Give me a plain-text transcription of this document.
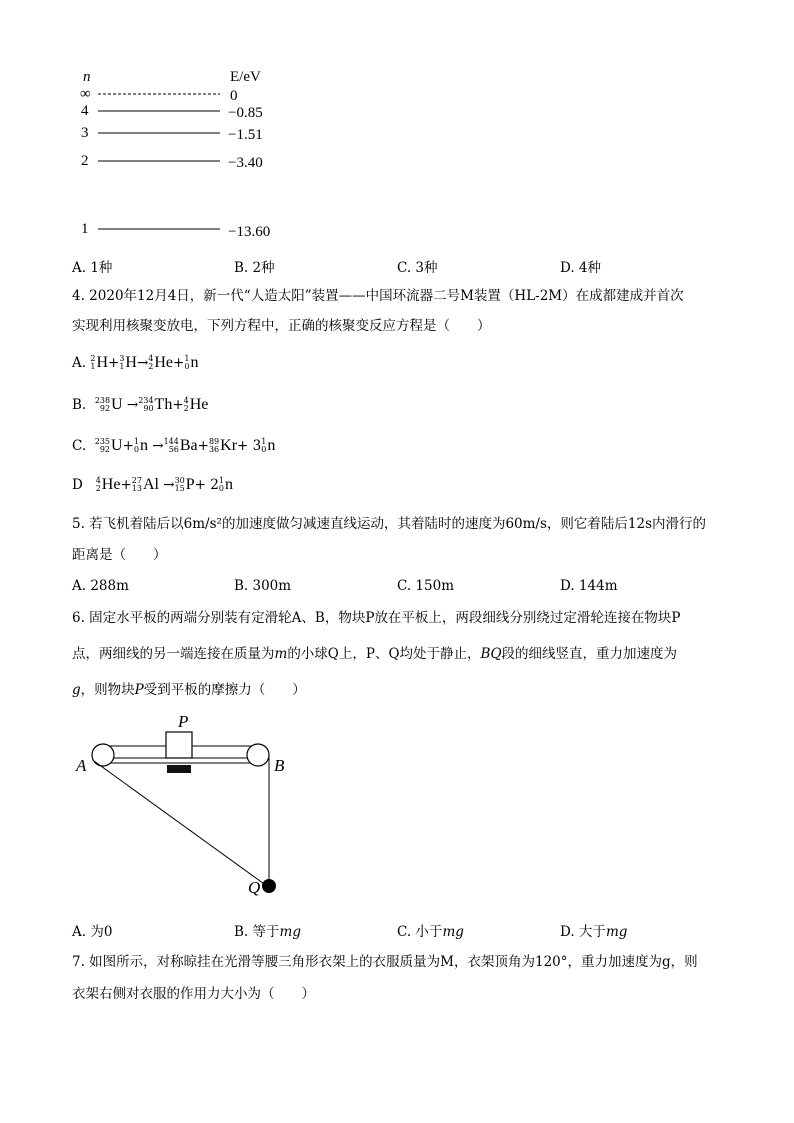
n	E/eV
∞	0
4	−0.85
3	−1.51
2	−3.40
1	−13.60
A. 1种	B. 2种	C. 3种	D. 4种
4. 2020年12月4日，新一代“人造太阳”装置——中国环流器二号M装置（HL-2M）在成都建成并首次
实现利用核聚变放电，下列方程中，正确的核聚变反应方程是（　　）
A.
2
1 H + 3
1 H → 4
2 He + 1
0 n
B.
238
92 U → 234
90 Th + 4
2 He
C.
235
92 U + 1
0 n → 144
56 Ba + 89
36 Kr + 3 1
0 n
D
4
2 He + 27
13 Al → 30
15 P + 2 1
0 n
5. 若飞机着陆后以6m/s²的加速度做匀减速直线运动，其着陆时的速度为60m/s，则它着陆后12s内滑行的
距离是（　　）
A. 288m	B. 300m	C. 150m	D. 144m
6. 固定水平板的两端分别装有定滑轮A、B，物块P放在平板上，两段细线分别绕过定滑轮连接在物块P
点，两细线的另一端连接在质量为m的小球Q上，P、Q均处于静止，BQ段的细线竖直，重力加速度为
g，则物块P受到平板的摩擦力（　　）
P
A	B
Q
A. 为0	B. 等于mg	C. 小于mg	D. 大于mg
7. 如图所示，对称晾挂在光滑等腰三角形衣架上的衣服质量为M，衣架顶角为120°，重力加速度为g，则
衣架右侧对衣服的作用力大小为（　　）
